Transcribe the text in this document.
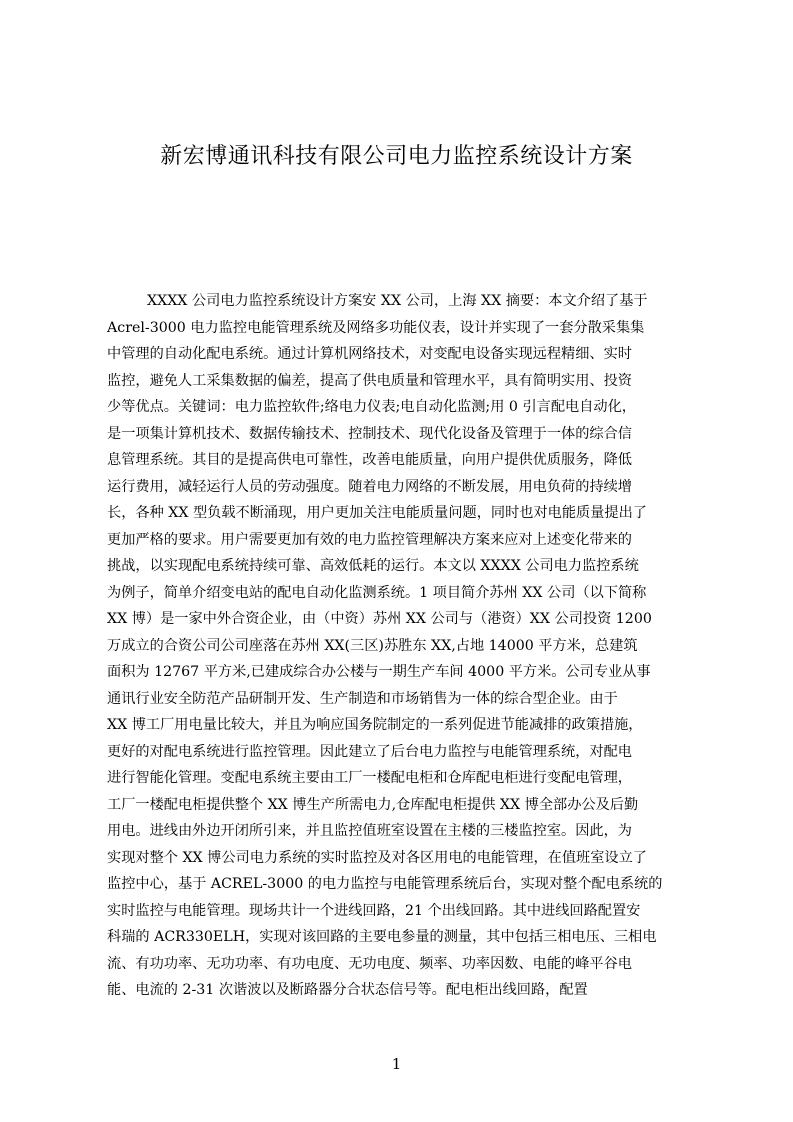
新宏博通讯科技有限公司电力监控系统设计方案
XXXX 公司电力监控系统设计方案安 XX 公司，上海 XX 摘要：本文介绍了基于
Acrel-3000 电力监控电能管理系统及网络多功能仪表，设计并实现了一套分散采集集
中管理的自动化配电系统。通过计算机网络技术，对变配电设备实现远程精细、实时
监控，避免人工采集数据的偏差，提高了供电质量和管理水平，具有简明实用、投资
少等优点。关键词：电力监控软件;络电力仪表;电自动化监测;用 0 引言配电自动化，
是一项集计算机技术、数据传输技术、控制技术、现代化设备及管理于一体的综合信
息管理系统。其目的是提高供电可靠性，改善电能质量，向用户提供优质服务，降低
运行费用，减轻运行人员的劳动强度。随着电力网络的不断发展，用电负荷的持续增
长，各种 XX 型负载不断涌现，用户更加关注电能质量问题，同时也对电能质量提出了
更加严格的要求。用户需要更加有效的电力监控管理解决方案来应对上述变化带来的
挑战，以实现配电系统持续可靠、高效低耗的运行。本文以 XXXX 公司电力监控系统
为例子，简单介绍变电站的配电自动化监测系统。1 项目简介苏州 XX 公司（以下简称
XX 博）是一家中外合资企业，由（中资）苏州 XX 公司与（港资）XX 公司投资 1200
万成立的合资公司公司座落在苏州 XX(三区)苏胜东 XX,占地 14000 平方米，总建筑
面积为 12767 平方米,已建成综合办公楼与一期生产车间 4000 平方米。公司专业从事
通讯行业安全防范产品研制开发、生产制造和市场销售为一体的综合型企业。由于
XX 博工厂用电量比较大，并且为响应国务院制定的一系列促进节能减排的政策措施，
更好的对配电系统进行监控管理。因此建立了后台电力监控与电能管理系统，对配电
进行智能化管理。变配电系统主要由工厂一楼配电柜和仓库配电柜进行变配电管理，
工厂一楼配电柜提供整个 XX 博生产所需电力,仓库配电柜提供 XX 博全部办公及后勤
用电。进线由外边开闭所引来，并且监控值班室设置在主楼的三楼监控室。因此，为
实现对整个 XX 博公司电力系统的实时监控及对各区用电的电能管理，在值班室设立了
监控中心，基于 ACREL-3000 的电力监控与电能管理系统后台，实现对整个配电系统的
实时监控与电能管理。现场共计一个进线回路，21 个出线回路。其中进线回路配置安
科瑞的 ACR330ELH，实现对该回路的主要电参量的测量，其中包括三相电压、三相电
流、有功功率、无功功率、有功电度、无功电度、频率、功率因数、电能的峰平谷电
能、电流的 2-31 次谐波以及断路器分合状态信号等。配电柜出线回路，配置
1
